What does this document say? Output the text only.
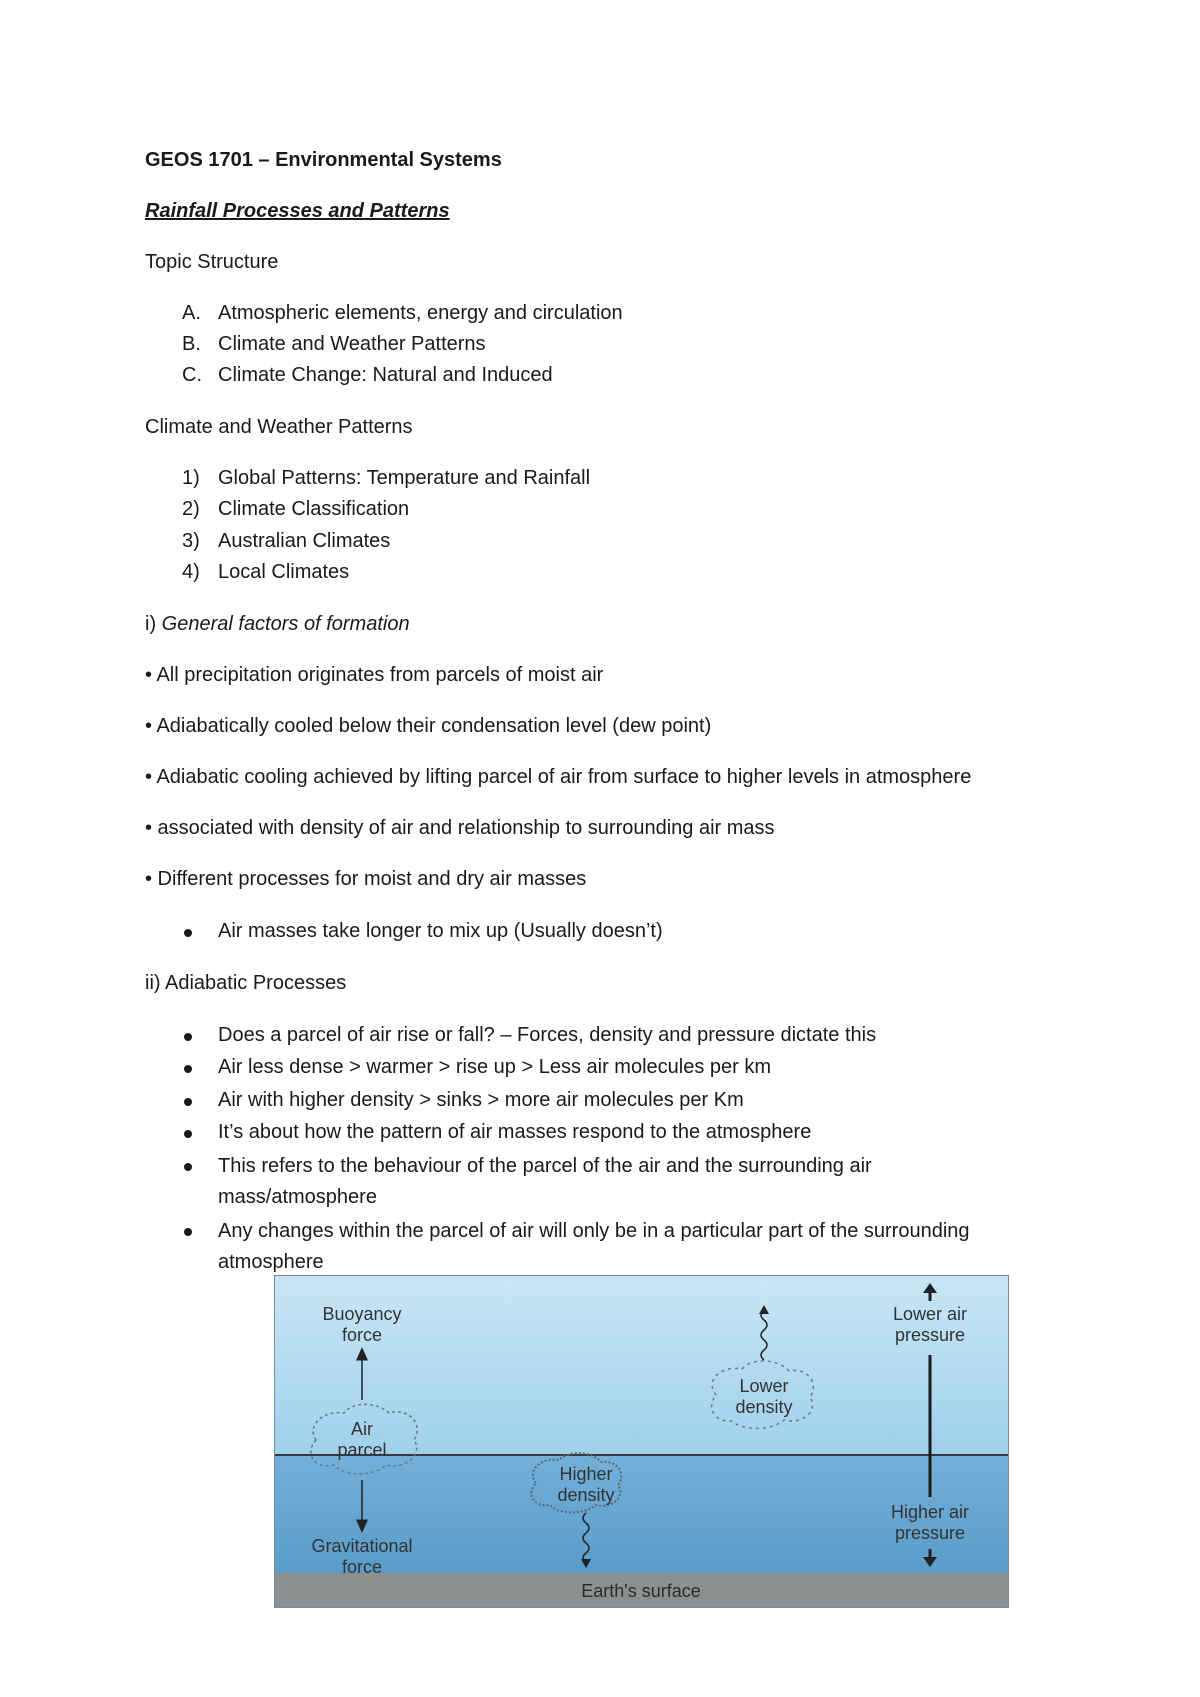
GEOS 1701 – Environmental Systems
Rainfall Processes and Patterns
Topic Structure
A. Atmospheric elements, energy and circulation
B. Climate and Weather Patterns
C. Climate Change: Natural and Induced
Climate and Weather Patterns
1) Global Patterns: Temperature and Rainfall
2) Climate Classification
3) Australian Climates
4) Local Climates
i) General factors of formation
• All precipitation originates from parcels of moist air
• Adiabatically cooled below their condensation level (dew point)
• Adiabatic cooling achieved by lifting parcel of air from surface to higher levels in atmosphere
• associated with density of air and relationship to surrounding air mass
• Different processes for moist and dry air masses
Air masses take longer to mix up (Usually doesn’t)
ii) Adiabatic Processes
Does a parcel of air rise or fall? – Forces, density and pressure dictate this
Air less dense > warmer > rise up > Less air molecules per km
Air with higher density > sinks > more air molecules per Km
It’s about how the pattern of air masses respond to the atmosphere
This refers to the behaviour of the parcel of the air and the surrounding air mass/atmosphere
Any changes within the parcel of air will only be in a particular part of the surrounding atmosphere
Air
parcel
Buoyancy
force
Gravitational
force
Higher
density
Lower
density
Lower air
pressure
Higher air
pressure
Earth's surface
